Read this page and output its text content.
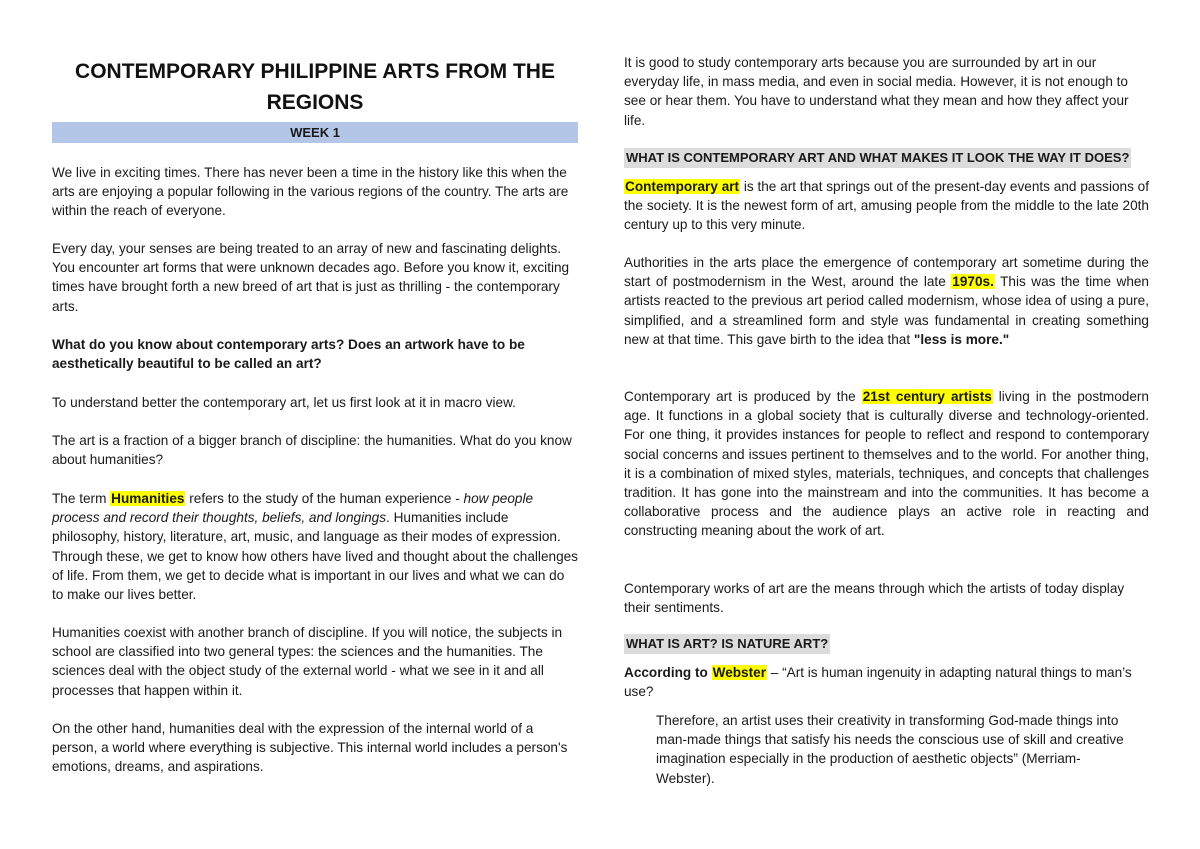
CONTEMPORARY PHILIPPINE ARTS FROM THE
REGIONS
WEEK 1

We live in exciting times. There has never been a time in the history like this when the arts are enjoying a popular following in the various regions of the country. The arts are within the reach of everyone.

Every day, your senses are being treated to an array of new and fascinating delights. You encounter art forms that were unknown decades ago. Before you know it, exciting times have brought forth a new breed of art that is just as thrilling - the contemporary arts.

What do you know about contemporary arts? Does an artwork have to be aesthetically beautiful to be called an art?

To understand better the contemporary art, let us first look at it in macro view.

The art is a fraction of a bigger branch of discipline: the humanities. What do you know about humanities?

The term Humanities refers to the study of the human experience - how people process and record their thoughts, beliefs, and longings. Humanities include philosophy, history, literature, art, music, and language as their modes of expression. Through these, we get to know how others have lived and thought about the challenges of life. From them, we get to decide what is important in our lives and what we can do to make our lives better.

Humanities coexist with another branch of discipline. If you will notice, the subjects in school are classified into two general types: the sciences and the humanities. The sciences deal with the object study of the external world - what we see in it and all processes that happen within it.

On the other hand, humanities deal with the expression of the internal world of a person, a world where everything is subjective. This internal world includes a person's emotions, dreams, and aspirations.

It is good to study contemporary arts because you are surrounded by art in our everyday life, in mass media, and even in social media. However, it is not enough to see or hear them. You have to understand what they mean and how they affect your life.

WHAT IS CONTEMPORARY ART AND WHAT MAKES IT LOOK THE WAY IT DOES?

Contemporary art is the art that springs out of the present-day events and passions of the society. It is the newest form of art, amusing people from the middle to the late 20th century up to this very minute.

Authorities in the arts place the emergence of contemporary art sometime during the start of postmodernism in the West, around the late 1970s. This was the time when artists reacted to the previous art period called modernism, whose idea of using a pure, simplified, and a streamlined form and style was fundamental in creating something new at that time. This gave birth to the idea that "less is more."

Contemporary art is produced by the 21st century artists living in the postmodern age. It functions in a global society that is culturally diverse and technology-oriented. For one thing, it provides instances for people to reflect and respond to contemporary social concerns and issues pertinent to themselves and to the world. For another thing, it is a combination of mixed styles, materials, techniques, and concepts that challenges tradition. It has gone into the mainstream and into the communities. It has become a collaborative process and the audience plays an active role in reacting and constructing meaning about the work of art.

Contemporary works of art are the means through which the artists of today display their sentiments.

WHAT IS ART? IS NATURE ART?

According to Webster – “Art is human ingenuity in adapting natural things to man’s use?

Therefore, an artist uses their creativity in transforming God-made things into man-made things that satisfy his needs the conscious use of skill and creative imagination especially in the production of aesthetic objects” (Merriam-Webster).
